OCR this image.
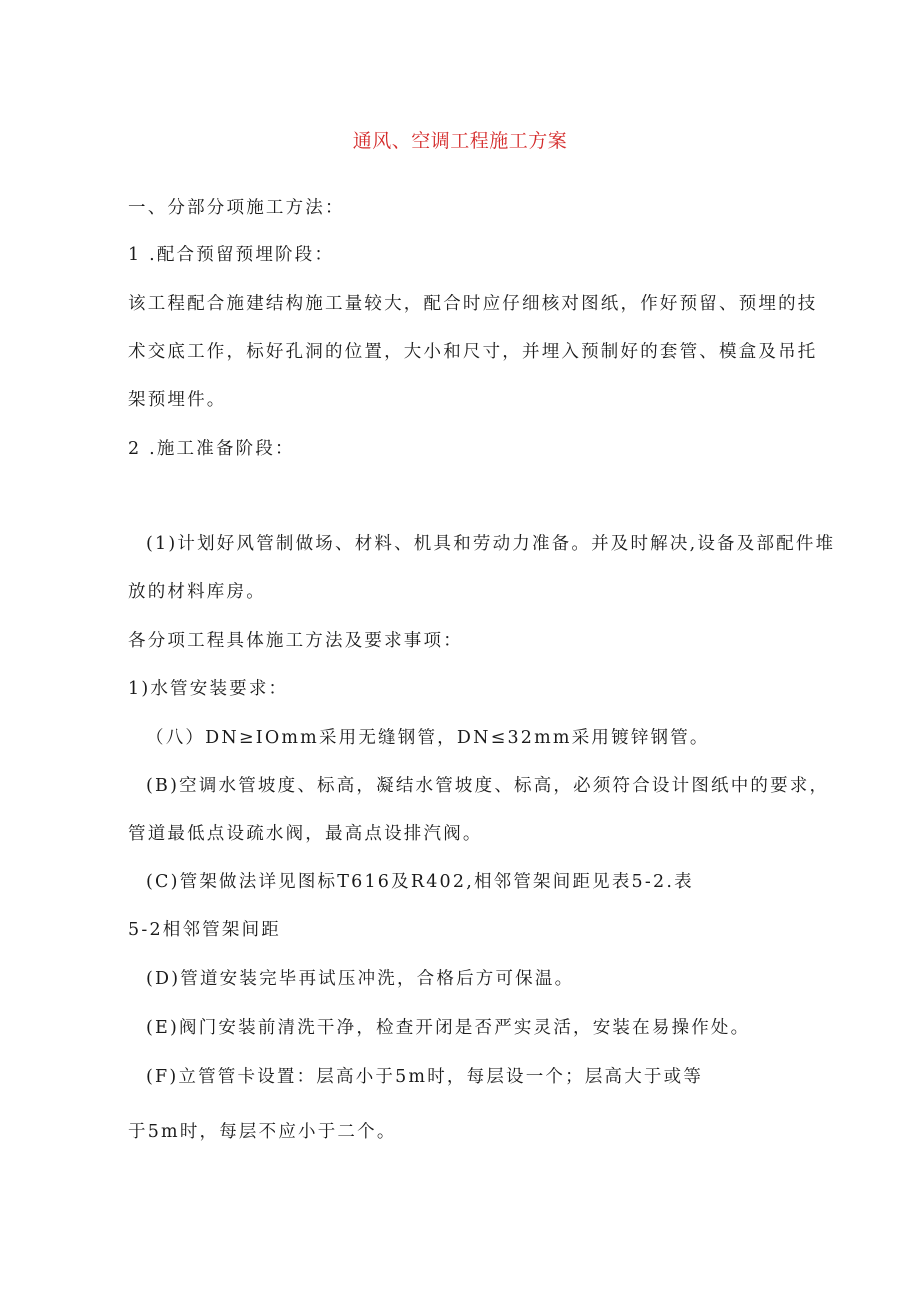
通风、空调工程施工方案
一、分部分项施工方法：
1 .配合预留预埋阶段：
该工程配合施建结构施工量较大，配合时应仔细核对图纸，作好预留、预埋的技
术交底工作，标好孔洞的位置，大小和尺寸，并埋入预制好的套管、模盒及吊托
架预埋件。
2 .施工准备阶段：
(1)计划好风管制做场、材料、机具和劳动力准备。并及时解决,设备及部配件堆
放的材料库房。
各分项工程具体施工方法及要求事项：
1)水管安装要求：
（八）DN≥IOmm采用无缝钢管，DN≤32mm采用镀锌钢管。
(B)空调水管坡度、标高，凝结水管坡度、标高，必须符合设计图纸中的要求，
管道最低点设疏水阀，最高点设排汽阀。
(C)管架做法详见图标T616及R402,相邻管架间距见表5-2.表
5-2相邻管架间距
(D)管道安装完毕再试压冲洗，合格后方可保温。
(E)阀门安装前清洗干净，检查开闭是否严实灵活，安装在易操作处。
(F)立管管卡设置：层高小于5m时，每层设一个；层高大于或等
于5m时，每层不应小于二个。
